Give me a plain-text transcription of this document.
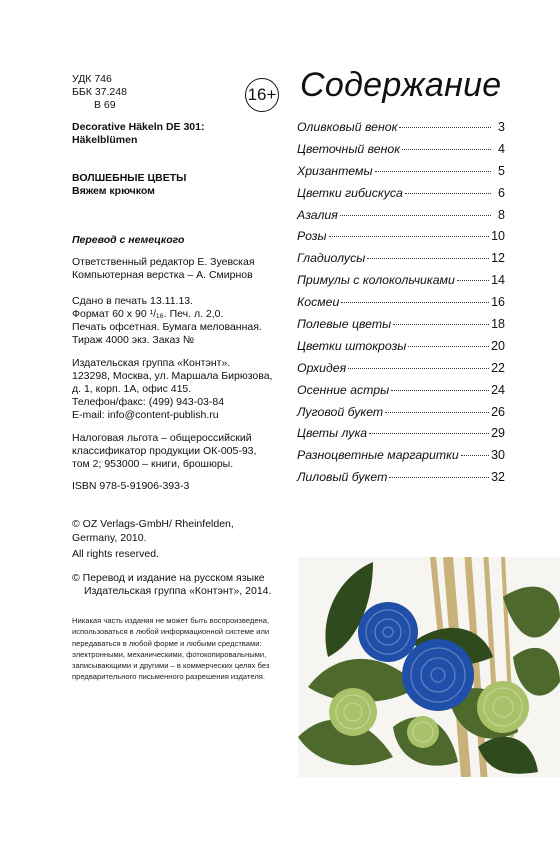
УДК 746
ББК 37.248
В 69
Decorative Häkeln DE 301:
Häkelblümen
ВОЛШЕБНЫЕ ЦВЕТЫ
Вяжем крючком
Перевод с немецкого
Ответственный редактор Е. Зуевская
Компьютерная верстка – А. Смирнов
Сдано в печать 13.11.13.
Формат 60 x 90 ¹/₁₆. Печ. л. 2,0.
Печать офсетная. Бумага мелованная.
Тираж 4000 экз. Заказ №
Издательская группа «Контэнт».
123298, Москва, ул. Маршала Бирюзова,
д. 1, корп. 1А, офис 415.
Телефон/факс: (499) 943-03-84
E-mail: info@content-publish.ru
Налоговая льгота – общероссийский
классификатор продукции ОК-005-93,
том 2; 953000 – книги, брошюры.
ISBN 978-5-91906-393-3
© OZ Verlags-GmbH/ Rheinfelden,
Germany, 2010.
All rights reserved.
© Перевод и издание на русском языке
Издательская группа «Контэнт», 2014.
Никакая часть издания не может быть воспроизведена,
использоваться в любой информационной системе или
передаваться в любой форме и любыми средствами:
электронными, механическими, фотокопировальными,
записывающими и другими – в коммерческих целях без
предварительного письменного разрешения издателя.
16+ Содержание
Оливковый венок	3
Цветочный венок	4
Хризантемы	5
Цветки гибискуса	6
Азалия	8
Розы	10
Гладиолусы	12
Примулы с колокольчиками	14
Космеи	16
Полевые цветы	18
Цветки штокрозы	20
Орхидея	22
Осенние астры	24
Луговой букет	26
Цветы лука	29
Разноцветные маргаритки	30
Лиловый букет	32
